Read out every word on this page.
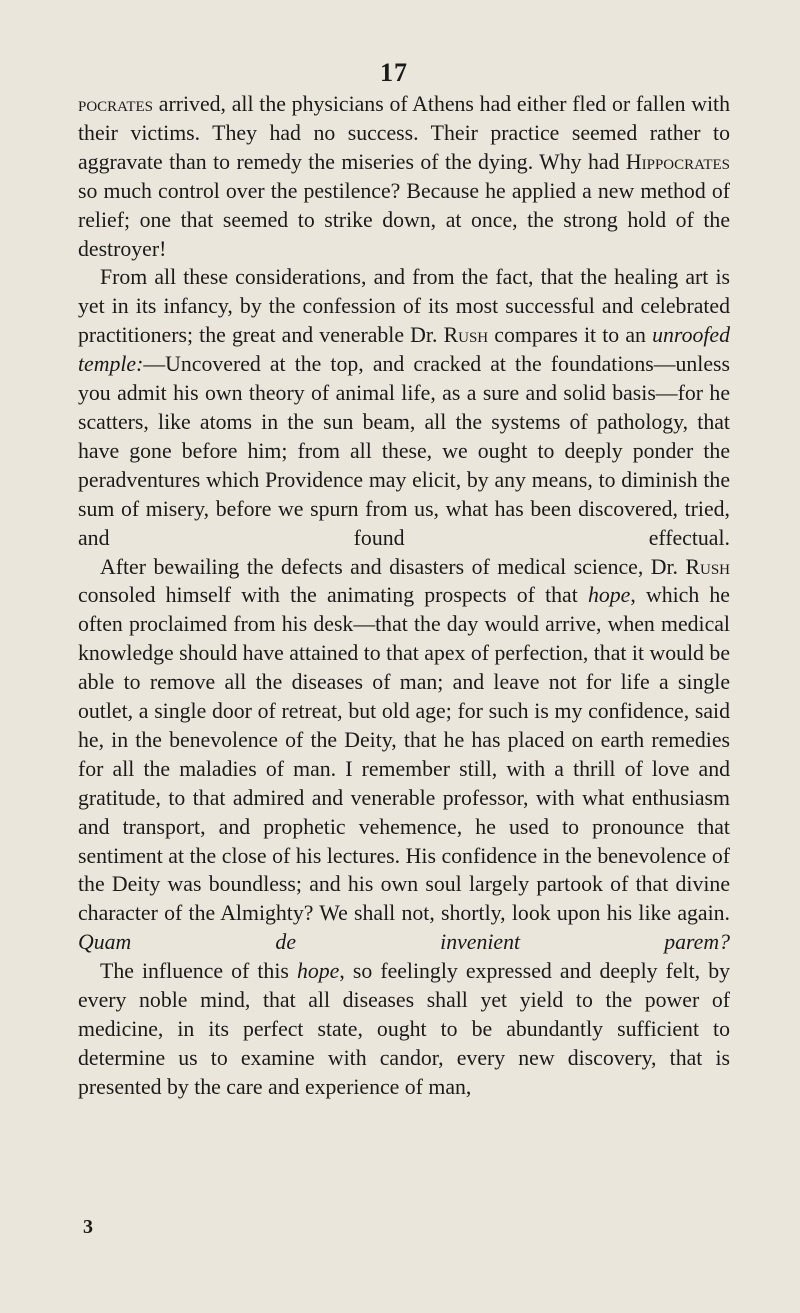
17

pocrates arrived, all the physicians of Athens had either fled or fallen with their victims. They had no success. Their practice seemed rather to aggravate than to remedy the miseries of the dying. Why had Hippocrates so much control over the pestilence? Because he applied a new method of relief; one that seemed to strike down, at once, the strong hold of the destroyer!

From all these considerations, and from the fact, that the healing art is yet in its infancy, by the confession of its most successful and celebrated practitioners; the great and venerable Dr. Rush compares it to an unroofed temple:—Uncovered at the top, and cracked at the foundations—unless you admit his own theory of animal life, as a sure and solid basis—for he scatters, like atoms in the sun beam, all the systems of pathology, that have gone before him; from all these, we ought to deeply ponder the peradventures which Providence may elicit, by any means, to diminish the sum of misery, before we spurn from us, what has been discovered, tried, and found effectual.

After bewailing the defects and disasters of medical science, Dr. Rush consoled himself with the animating prospects of that hope, which he often proclaimed from his desk—that the day would arrive, when medical knowledge should have attained to that apex of perfection, that it would be able to remove all the diseases of man; and leave not for life a single outlet, a single door of retreat, but old age; for such is my confidence, said he, in the benevolence of the Deity, that he has placed on earth remedies for all the maladies of man. I remember still, with a thrill of love and gratitude, to that admired and venerable professor, with what enthusiasm and transport, and prophetic vehemence, he used to pronounce that sentiment at the close of his lectures. His confidence in the benevolence of the Deity was boundless; and his own soul largely partook of that divine character of the Almighty? We shall not, shortly, look upon his like again. Quam de invenient parem?

The influence of this hope, so feelingly expressed and deeply felt, by every noble mind, that all diseases shall yet yield to the power of medicine, in its perfect state, ought to be abundantly sufficient to determine us to examine with candor, every new discovery, that is presented by the care and experience of man,

3
